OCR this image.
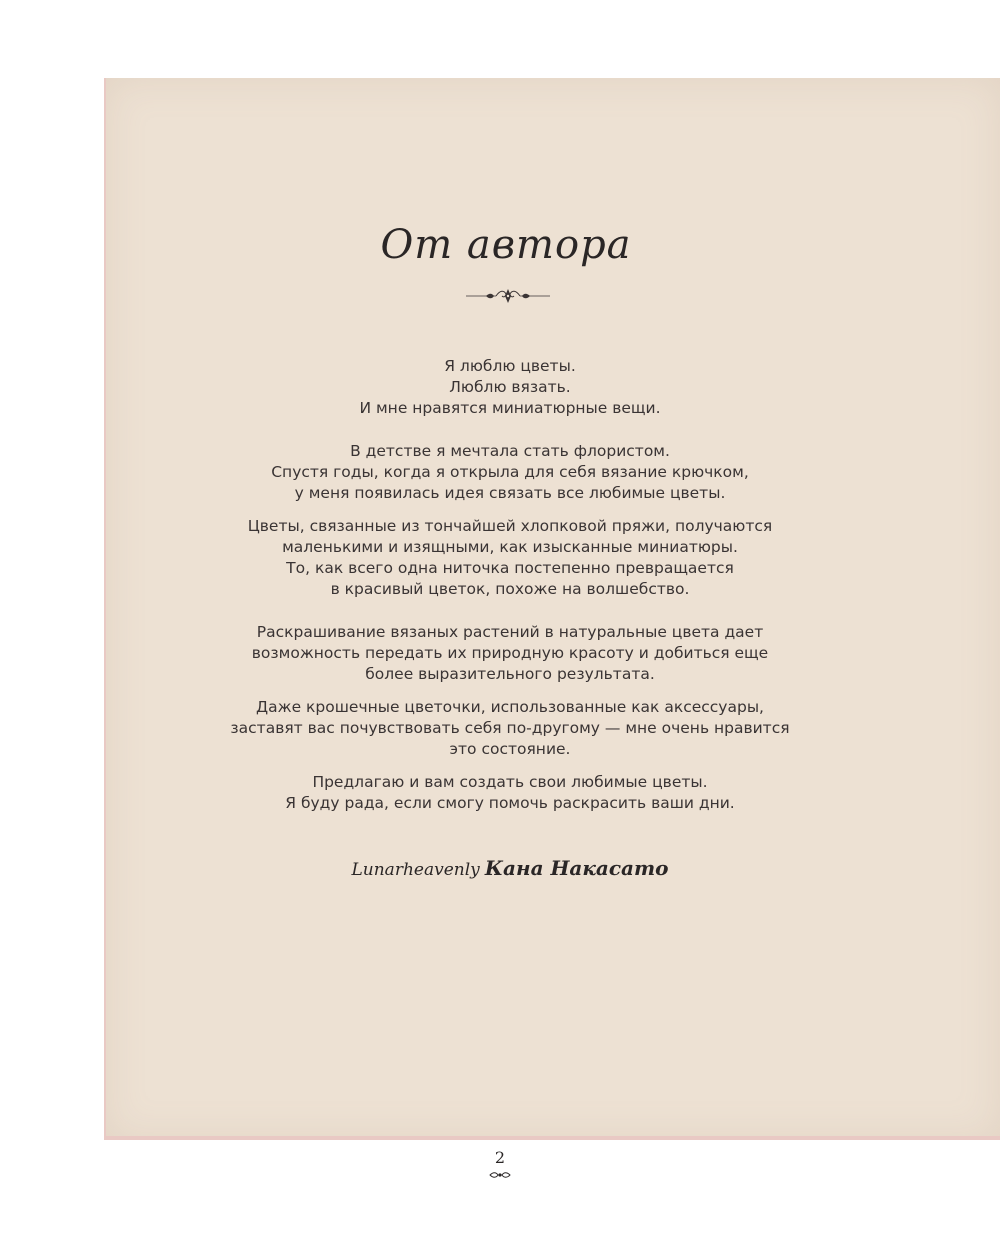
От автора

Я люблю цветы.
Люблю вязать.
И мне нравятся миниатюрные вещи.

В детстве я мечтала стать флористом.
Спустя годы, когда я открыла для себя вязание крючком,
у меня появилась идея связать все любимые цветы.

Цветы, связанные из тончайшей хлопковой пряжи, получаются
маленькими и изящными, как изысканные миниатюры.
То, как всего одна ниточка постепенно превращается
в красивый цветок, похоже на волшебство.

Раскрашивание вязаных растений в натуральные цвета дает
возможность передать их природную красоту и добиться еще
более выразительного результата.

Даже крошечные цветочки, использованные как аксессуары,
заставят вас почувствовать себя по-другому — мне очень нравится
это состояние.

Предлагаю и вам создать свои любимые цветы.
Я буду рада, если смогу помочь раскрасить ваши дни.

Lunarheavenly Кана Накасато
2
